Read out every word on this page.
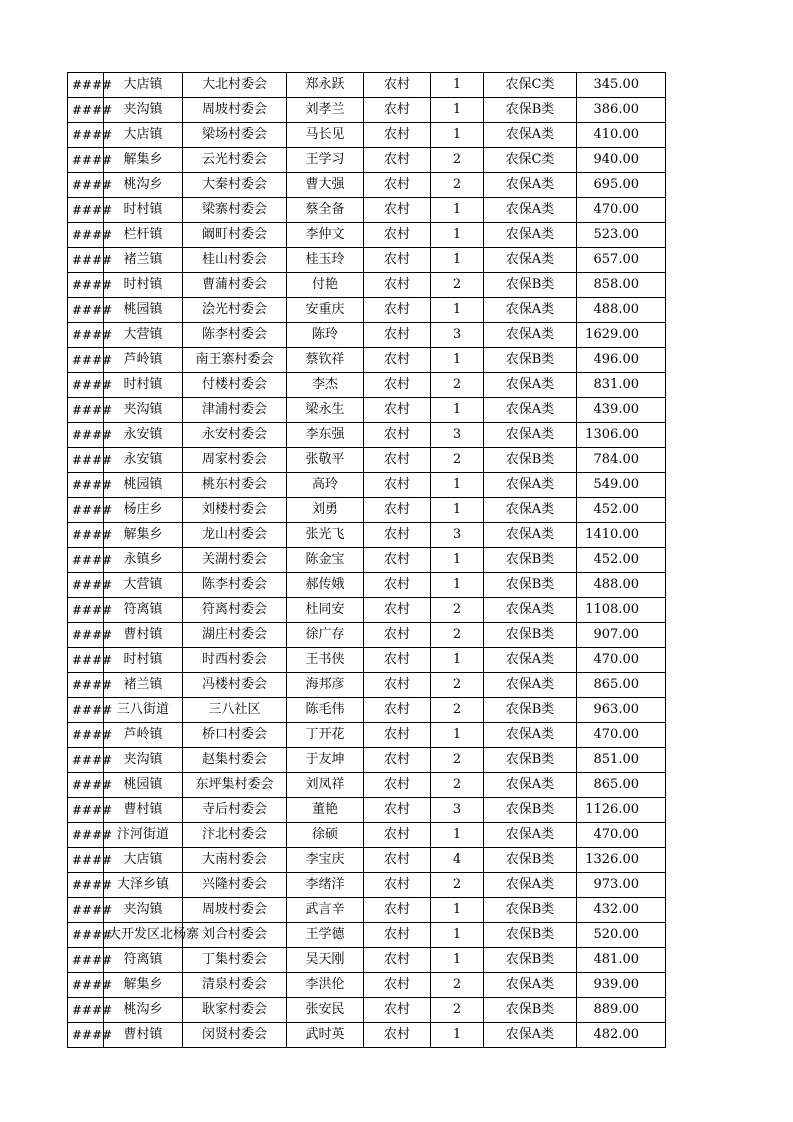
####	大店镇	大北村委会	郑永跃	农村	1	农保C类	345.00
####	夹沟镇	周坡村委会	刘孝兰	农村	1	农保B类	386.00
####	大店镇	梁场村委会	马长见	农村	1	农保A类	410.00
####	解集乡	云光村委会	王学习	农村	2	农保C类	940.00
####	桃沟乡	大秦村委会	曹大强	农村	2	农保A类	695.00
####	时村镇	梁寨村委会	蔡全备	农村	1	农保A类	470.00
####	栏杆镇	阚町村委会	李仲文	农村	1	农保A类	523.00
####	褚兰镇	桂山村委会	桂玉玲	农村	1	农保A类	657.00
####	时村镇	曹蒲村委会	付艳	农村	2	农保B类	858.00
####	桃园镇	浍光村委会	安重庆	农村	1	农保A类	488.00
####	大营镇	陈李村委会	陈玲	农村	3	农保A类	1629.00
####	芦岭镇	南王寨村委会	蔡钦祥	农村	1	农保B类	496.00
####	时村镇	付楼村委会	李杰	农村	2	农保A类	831.00
####	夹沟镇	津浦村委会	梁永生	农村	1	农保A类	439.00
####	永安镇	永安村委会	李东强	农村	3	农保A类	1306.00
####	永安镇	周家村委会	张敬平	农村	2	农保B类	784.00
####	桃园镇	桃东村委会	高玲	农村	1	农保A类	549.00
####	杨庄乡	刘楼村委会	刘勇	农村	1	农保A类	452.00
####	解集乡	龙山村委会	张光飞	农村	3	农保A类	1410.00
####	永镇乡	关湖村委会	陈金宝	农村	1	农保B类	452.00
####	大营镇	陈李村委会	郝传娥	农村	1	农保B类	488.00
####	符离镇	符离村委会	杜同安	农村	2	农保A类	1108.00
####	曹村镇	湖庄村委会	徐广存	农村	2	农保B类	907.00
####	时村镇	时西村委会	王书侠	农村	1	农保A类	470.00
####	褚兰镇	冯楼村委会	海邦彦	农村	2	农保A类	865.00
####	三八街道	三八社区	陈毛伟	农村	2	农保B类	963.00
####	芦岭镇	桥口村委会	丁开花	农村	1	农保A类	470.00
####	夹沟镇	赵集村委会	于友坤	农村	2	农保B类	851.00
####	桃园镇	东坪集村委会	刘凤祥	农村	2	农保A类	865.00
####	曹村镇	寺后村委会	董艳	农村	3	农保B类	1126.00
####	汴河街道	汴北村委会	徐硕	农村	1	农保A类	470.00
####	大店镇	大南村委会	李宝庆	农村	4	农保B类	1326.00
####	大泽乡镇	兴隆村委会	李绪洋	农村	2	农保A类	973.00
####	夹沟镇	周坡村委会	武言辛	农村	1	农保B类	432.00
####	大开发区北杨寨	刘合村委会	王学德	农村	1	农保B类	520.00
####	符离镇	丁集村委会	吴天刚	农村	1	农保B类	481.00
####	解集乡	清泉村委会	李洪伦	农村	2	农保A类	939.00
####	桃沟乡	耿家村委会	张安民	农村	2	农保B类	889.00
####	曹村镇	闵贤村委会	武时英	农村	1	农保A类	482.00
